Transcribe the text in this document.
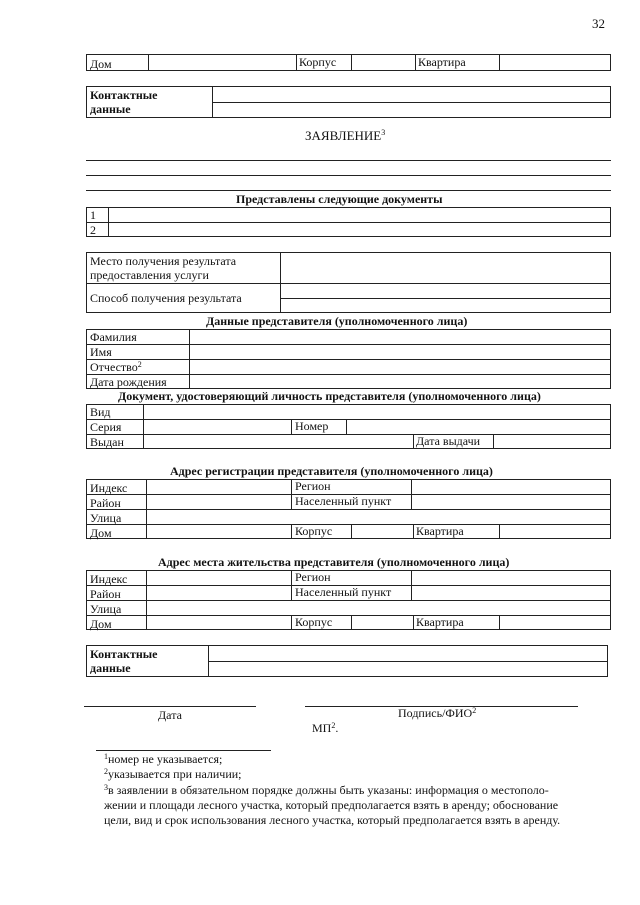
32
Дом	Корпус	Квартира
Контактные
данные
ЗАЯВЛЕНИЕ$^3$
Представлены следующие документы
1
2
Место получения результата
предоставления услуги
Способ получения результата
Данные представителя (уполномоченного лица)
Фамилия
Имя
Отчество$^2$
Дата рождения
Документ, удостоверяющий личность представителя (уполномоченного лица)
Вид
Серия	Номер
Выдан	Дата выдачи
Адрес регистрации представителя (уполномоченного лица)
Индекс	Регион
Район	Населенный пункт
Улица
Дом	Корпус	Квартира
Адрес места жительства представителя (уполномоченного лица)
Индекс	Регион
Район	Населенный пункт
Улица
Дом	Корпус	Квартира
Контактные
данные
Дата	Подпись/ФИО$^2$
$МП^2$.
$^1$номер не указывается;
$^2$указывается при наличии;
$^3$в заявлении в обязательном порядке должны быть указаны: информация о местополо-
жении и площади лесного участка, который предполагается взять в аренду; обоснование
цели, вид и срок использования лесного участка, который предполагается взять в аренду.
